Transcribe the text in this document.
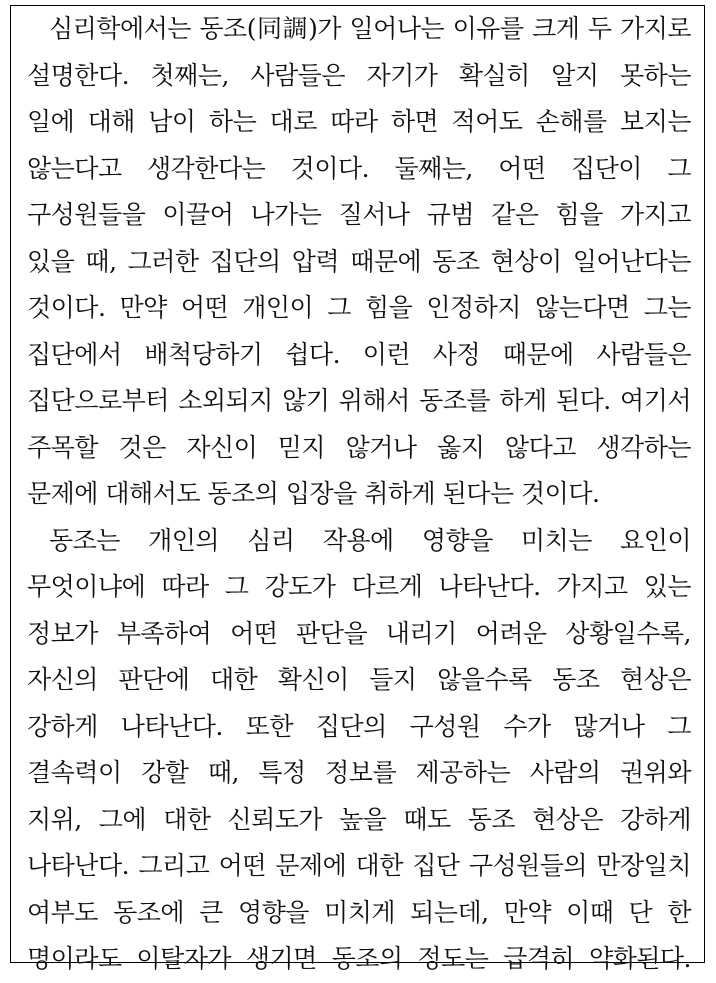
심리학에서는 동조(同調)가 일어나는 이유를 크게 두 가지로
설명한다. 첫째는, 사람들은 자기가 확실히 알지 못하는
일에 대해 남이 하는 대로 따라 하면 적어도 손해를 보지는
않는다고 생각한다는 것이다. 둘째는, 어떤 집단이 그
구성원들을 이끌어 나가는 질서나 규범 같은 힘을 가지고
있을 때, 그러한 집단의 압력 때문에 동조 현상이 일어난다는
것이다. 만약 어떤 개인이 그 힘을 인정하지 않는다면 그는
집단에서 배척당하기 쉽다. 이런 사정 때문에 사람들은
집단으로부터 소외되지 않기 위해서 동조를 하게 된다. 여기서
주목할 것은 자신이 믿지 않거나 옳지 않다고 생각하는
문제에 대해서도 동조의 입장을 취하게 된다는 것이다.
동조는 개인의 심리 작용에 영향을 미치는 요인이
무엇이냐에 따라 그 강도가 다르게 나타난다. 가지고 있는
정보가 부족하여 어떤 판단을 내리기 어려운 상황일수록,
자신의 판단에 대한 확신이 들지 않을수록 동조 현상은
강하게 나타난다. 또한 집단의 구성원 수가 많거나 그
결속력이 강할 때, 특정 정보를 제공하는 사람의 권위와
지위, 그에 대한 신뢰도가 높을 때도 동조 현상은 강하게
나타난다. 그리고 어떤 문제에 대한 집단 구성원들의 만장일치
여부도 동조에 큰 영향을 미치게 되는데, 만약 이때 단 한
명이라도 이탈자가 생기면 동조의 정도는 급격히 약화된다.
